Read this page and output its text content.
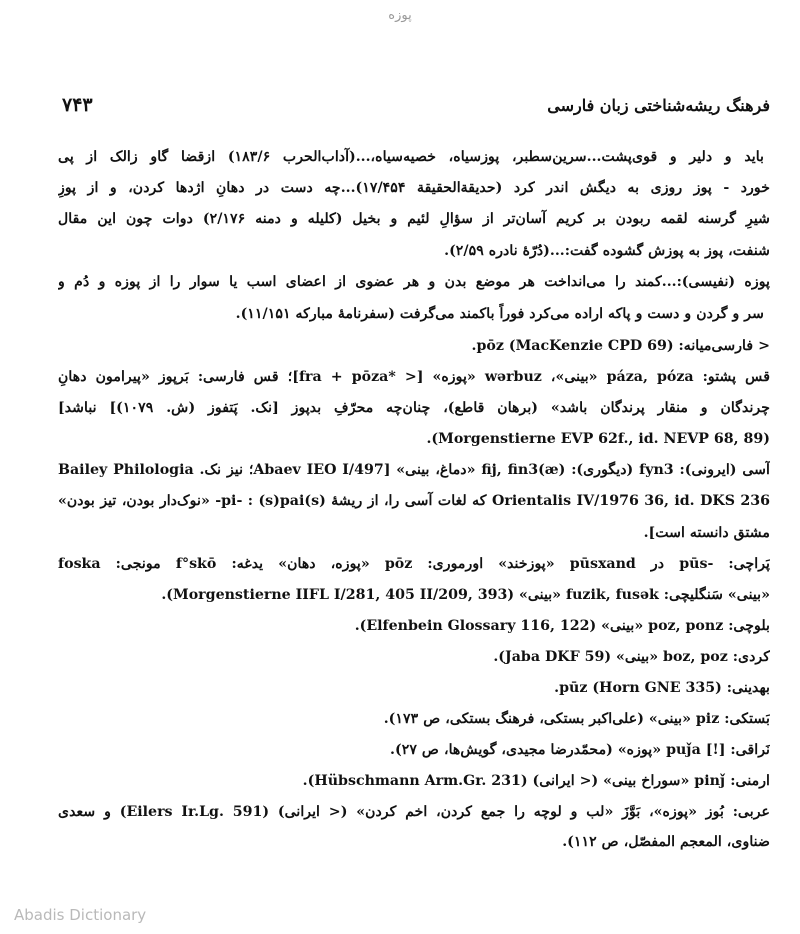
پوزه
فرهنگ ریشه‌شناختی زبان فارسی
۷۴۳
باید و دلیر و قوی‌پشت...سرین‌سطبر، پوزسیاه، خصیه‌سیاه،...(آداب‌الحرب ۱۸۳/۶) ازقضا گاو زالک از پی
خورد - پوز روزی به دیگش اندر کرد (حدیقةالحقیقة ۱۷/۴۵۴)...چه دست در دهانِ اژدها کردن، و از پوزِ
شیرِ گرسنه لقمه ربودن بر کریم آسان‌تر از سؤالِ لئیم و بخیل (کلیله و دمنه ۲/۱۷۶) دوات چون این مقال
شنفت، پوز به پوزش گشوده گفت:...(دُرّهٔ نادره ۲/۵۹).
پوزه (نفیسی):...کمند را می‌انداخت هر موضع بدن و هر عضوی از اعضای اسب یا سوار را از پوزه و دُم و
سر و گردن و دست و پاکه اراده می‌کرد فوراً باکمند می‌گرفت (سفرنامهٔ مبارکه ۱۱/۱۵۱).
< فارسی‌میانه: pōz (MacKenzie CPD 69).
قس پشتو: páza, póza «بینی»، wərbuz «پوزه» [< *fra + pōza]؛ قس فارسی: بَرپوز «پیرامون دهانِ
چرندگان و منقار پرندگان باشد» (برهان قاطع)، چنان‌چه محرّفِ بدپوز [نک. پَتفوز (ش. ۱۰۷۹)] نباشد]
(Morgenstierne EVP 62f., id. NEVP 68, 89).
آسی (ایرونی): fyn3 (دیگوری): fij, fin3(æ) «دماغ، بینی» [Abaev IEO I/497؛ نیز نک. Bailey Philologia
Orientalis IV/1976 36, id. DKS 236 که لغات آسی را، از ریشهٔ (s)pi- : (s)pai- «نوک‌دار بودن، تیز بودن»
مشتق دانسته است].
پَراچی: -pūs در pūsxand «پوزخند» اورموری: pōz «پوزه، دهان» یدغه: f°skō مونجی: foska
«بینی» سَنگلیچی: fuzik, fusək «بینی» (Morgenstierne IIFL I/281, 405 II/209, 393).
بلوچی: poz, ponz «بینی» (Elfenbein Glossary 116, 122).
کردی: boz, poz «بینی» (Jaba DKF 59).
بهدینی: pūz (Horn GNE 335).
بَستکی: piz «بینی» (علی‌اکبر بستکی، فرهنگ بستکی، ص ۱۷۳).
نَراقی: [!] puǰa «پوزه» (محمّدرضا مجیدی، گویش‌ها، ص ۲۷).
ارمنی: pinǰ «سوراخ بینی» (< ایرانی) (Hübschmann Arm.Gr. 231).
عربی: بُوز «پوزه»، بَوَّزَ «لب و لوچه را جمع کردن، اخم کردن» (< ایرانی) (Eilers Ir.Lg. 591) و سعدی
ضناوی، المعجم المفصّل، ص ۱۱۲).
Abadis Dictionary
